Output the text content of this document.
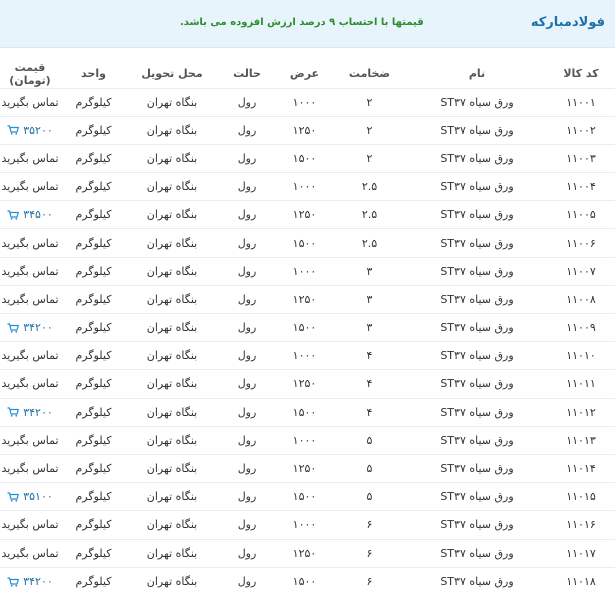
فولادمبارکه
قیمتها با احتساب ۹ درصد ارزش افزوده می باشد.
کد کالا	نام	ضخامت	عرض	حالت	محل تحویل	واحد	قیمت (تومان)
۱۱۰۰۱	ورق سیاه ST۳۷	۲	۱۰۰۰	رول	بنگاه تهران	کیلوگرم	تماس بگیرید
۱۱۰۰۲	ورق سیاه ST۳۷	۲	۱۲۵۰	رول	بنگاه تهران	کیلوگرم	۳۵۲۰۰

۱۱۰۰۳	ورق سیاه ST۳۷	۲	۱۵۰۰	رول	بنگاه تهران	کیلوگرم	تماس بگیرید
۱۱۰۰۴	ورق سیاه ST۳۷	۲.۵	۱۰۰۰	رول	بنگاه تهران	کیلوگرم	تماس بگیرید
۱۱۰۰۵	ورق سیاه ST۳۷	۲.۵	۱۲۵۰	رول	بنگاه تهران	کیلوگرم	۳۴۵۰۰

۱۱۰۰۶	ورق سیاه ST۳۷	۲.۵	۱۵۰۰	رول	بنگاه تهران	کیلوگرم	تماس بگیرید
۱۱۰۰۷	ورق سیاه ST۳۷	۳	۱۰۰۰	رول	بنگاه تهران	کیلوگرم	تماس بگیرید
۱۱۰۰۸	ورق سیاه ST۳۷	۳	۱۲۵۰	رول	بنگاه تهران	کیلوگرم	تماس بگیرید
۱۱۰۰۹	ورق سیاه ST۳۷	۳	۱۵۰۰	رول	بنگاه تهران	کیلوگرم	۳۴۲۰۰

۱۱۰۱۰	ورق سیاه ST۳۷	۴	۱۰۰۰	رول	بنگاه تهران	کیلوگرم	تماس بگیرید
۱۱۰۱۱	ورق سیاه ST۳۷	۴	۱۲۵۰	رول	بنگاه تهران	کیلوگرم	تماس بگیرید
۱۱۰۱۲	ورق سیاه ST۳۷	۴	۱۵۰۰	رول	بنگاه تهران	کیلوگرم	۳۴۲۰۰

۱۱۰۱۳	ورق سیاه ST۳۷	۵	۱۰۰۰	رول	بنگاه تهران	کیلوگرم	تماس بگیرید
۱۱۰۱۴	ورق سیاه ST۳۷	۵	۱۲۵۰	رول	بنگاه تهران	کیلوگرم	تماس بگیرید
۱۱۰۱۵	ورق سیاه ST۳۷	۵	۱۵۰۰	رول	بنگاه تهران	کیلوگرم	۳۵۱۰۰

۱۱۰۱۶	ورق سیاه ST۳۷	۶	۱۰۰۰	رول	بنگاه تهران	کیلوگرم	تماس بگیرید
۱۱۰۱۷	ورق سیاه ST۳۷	۶	۱۲۵۰	رول	بنگاه تهران	کیلوگرم	تماس بگیرید
۱۱۰۱۸	ورق سیاه ST۳۷	۶	۱۵۰۰	رول	بنگاه تهران	کیلوگرم	۳۴۲۰۰
